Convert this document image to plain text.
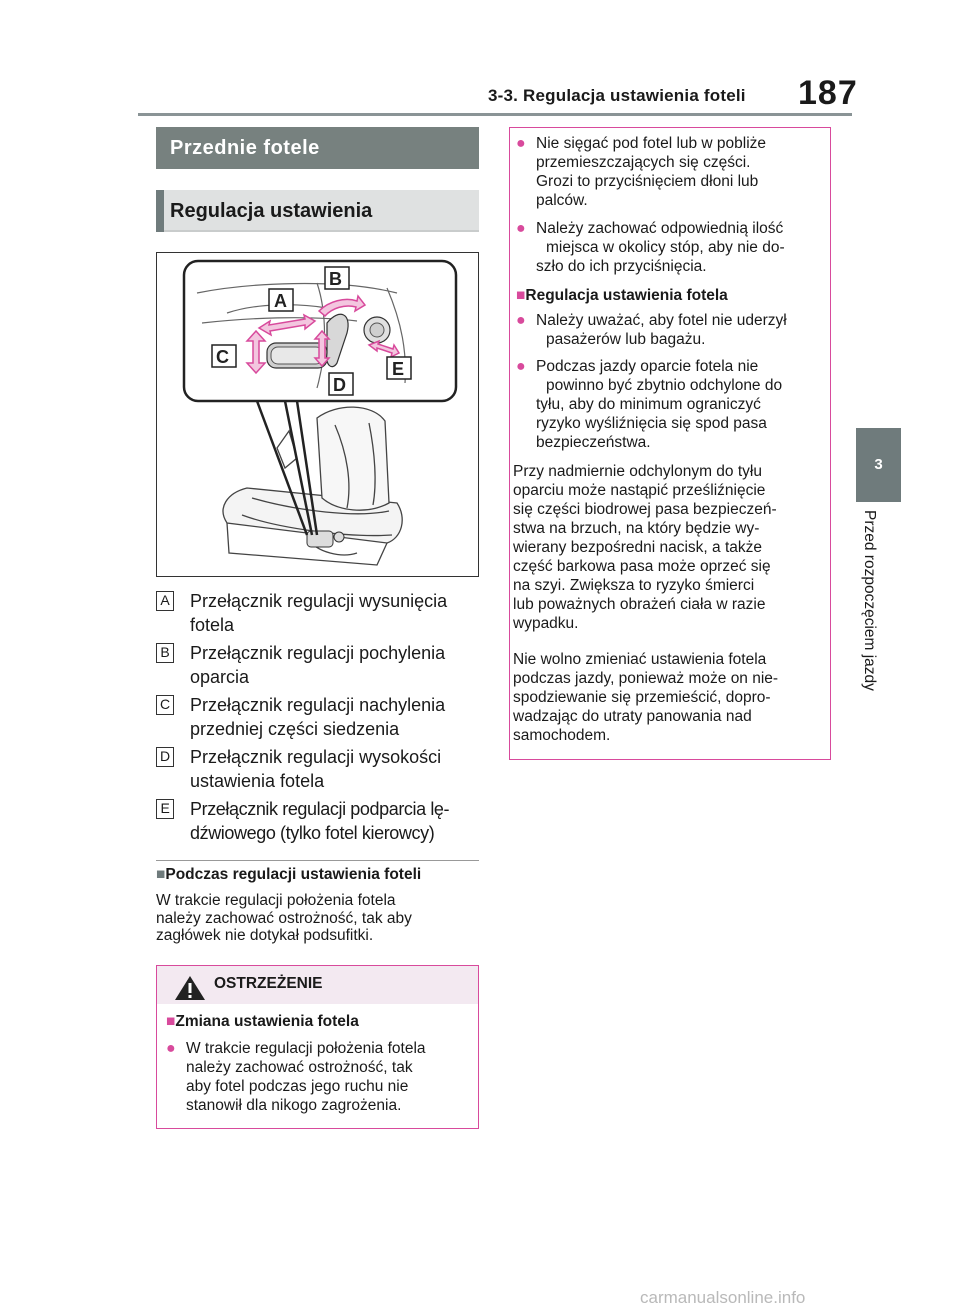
3-3. Regulacja ustawienia foteli 187
3
Przed rozpoczęciem jazdy
Przednie fotele
Regulacja ustawienia
A
B
C
D
E
A Przełącznik regulacji wysunięcia
fotela
B Przełącznik regulacji pochylenia
oparcia
C Przełącznik regulacji nachylenia
przedniej części siedzenia
D Przełącznik regulacji wysokości
ustawienia fotela
E Przełącznik regulacji podparcia lę-
dźwiowego (tylko fotel kierowcy)
■Podczas regulacji ustawienia foteli
W trakcie regulacji położenia fotela
należy zachować ostrożność, tak aby
zagłówek nie dotykał podsufitki.
OSTRZEŻENIE
■Zmiana ustawienia fotela
● W trakcie regulacji położenia fotela
należy zachować ostrożność, tak
aby fotel podczas jego ruchu nie
stanowił dla nikogo zagrożenia.
● Nie sięgać pod fotel lub w pobliże
przemieszczających się części.
Grozi to przyciśnięciem dłoni lub
palców.
● Należy zachować odpowiednią ilość
miejsca w okolicy stóp, aby nie do-
szło do ich przyciśnięcia.
■Regulacja ustawienia fotela
● Należy uważać, aby fotel nie uderzył
pasażerów lub bagażu.
● Podczas jazdy oparcie fotela nie
powinno być zbytnio odchylone do
tyłu, aby do minimum ograniczyć
ryzyko wyśliźnięcia się spod pasa
bezpieczeństwa.
Przy nadmiernie odchylonym do tyłu
oparciu może nastąpić prześliźnięcie
się części biodrowej pasa bezpieczeń-
stwa na brzuch, na który będzie wy-
wierany bezpośredni nacisk, a także
część barkowa pasa może oprzeć się
na szyi. Zwiększa to ryzyko śmierci
lub poważnych obrażeń ciała w razie
wypadku.
Nie wolno zmieniać ustawienia fotela
podczas jazdy, ponieważ może on nie-
spodziewanie się przemieścić, dopro-
wadzając do utraty panowania nad
samochodem.
carmanualsonline.info
